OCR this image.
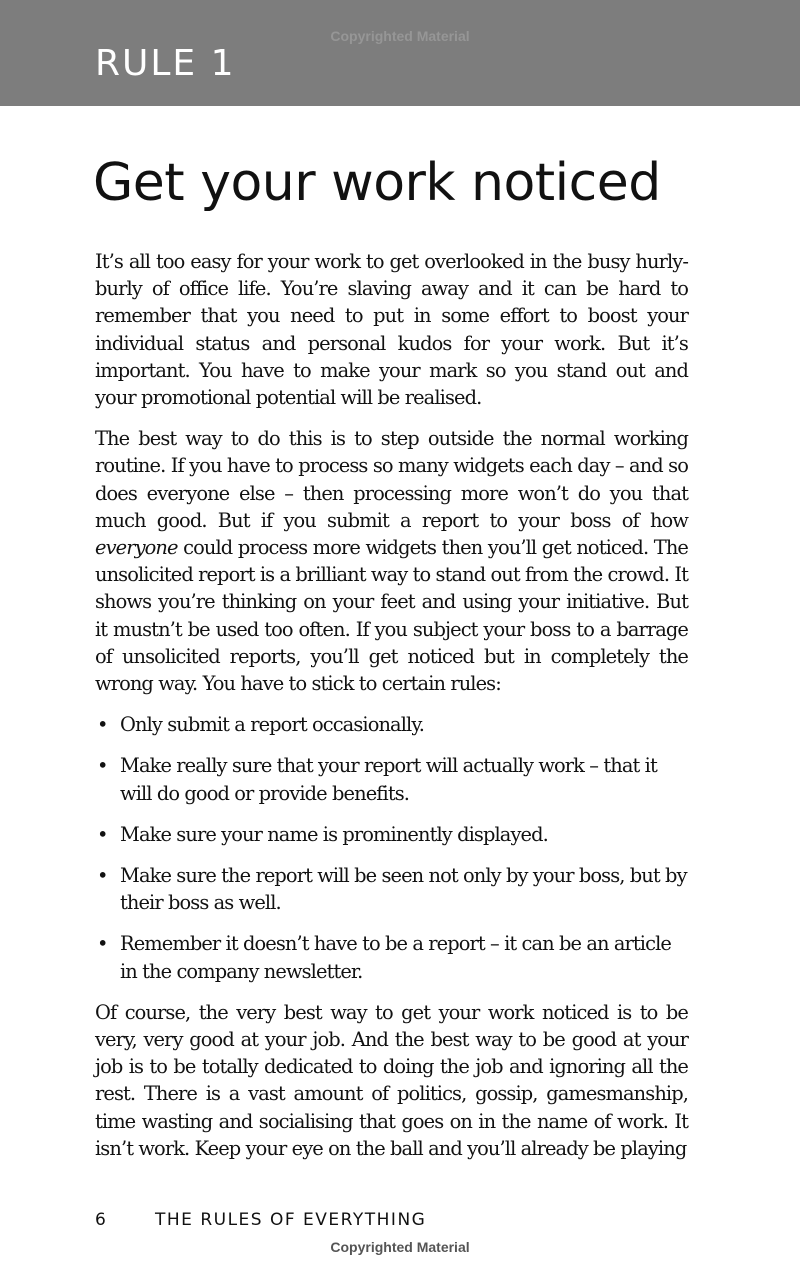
Copyrighted Material
RULE 1
Get your work noticed

It’s all too easy for your work to get overlooked in the busy hurly-burly of office life. You’re slaving away and it can be hard to remember that you need to put in some effort to boost your individual status and personal kudos for your work. But it’s important. You have to make your mark so you stand out and your promotional potential will be realised.

The best way to do this is to step outside the normal working routine. If you have to process so many widgets each day – and so does everyone else – then processing more won’t do you that much good. But if you submit a report to your boss of how everyone could process more widgets then you’ll get noticed. The unsolicited report is a brilliant way to stand out from the crowd. It shows you’re thinking on your feet and using your initiative. But it mustn’t be used too often. If you subject your boss to a barrage of unsolicited reports, you’ll get noticed but in completely the wrong way. You have to stick to certain rules:

• Only submit a report occasionally.
• Make really sure that your report will actually work – that it will do good or provide benefits.
• Make sure your name is prominently displayed.
• Make sure the report will be seen not only by your boss, but by their boss as well.
• Remember it doesn’t have to be a report – it can be an article in the company newsletter.

Of course, the very best way to get your work noticed is to be very, very good at your job. And the best way to be good at your job is to be totally dedicated to doing the job and ignoring all the rest. There is a vast amount of politics, gossip, gamesmanship, time wasting and socialising that goes on in the name of work. It isn’t work. Keep your eye on the ball and you’ll already be playing

6	THE RULES OF EVERYTHING
Copyrighted Material
